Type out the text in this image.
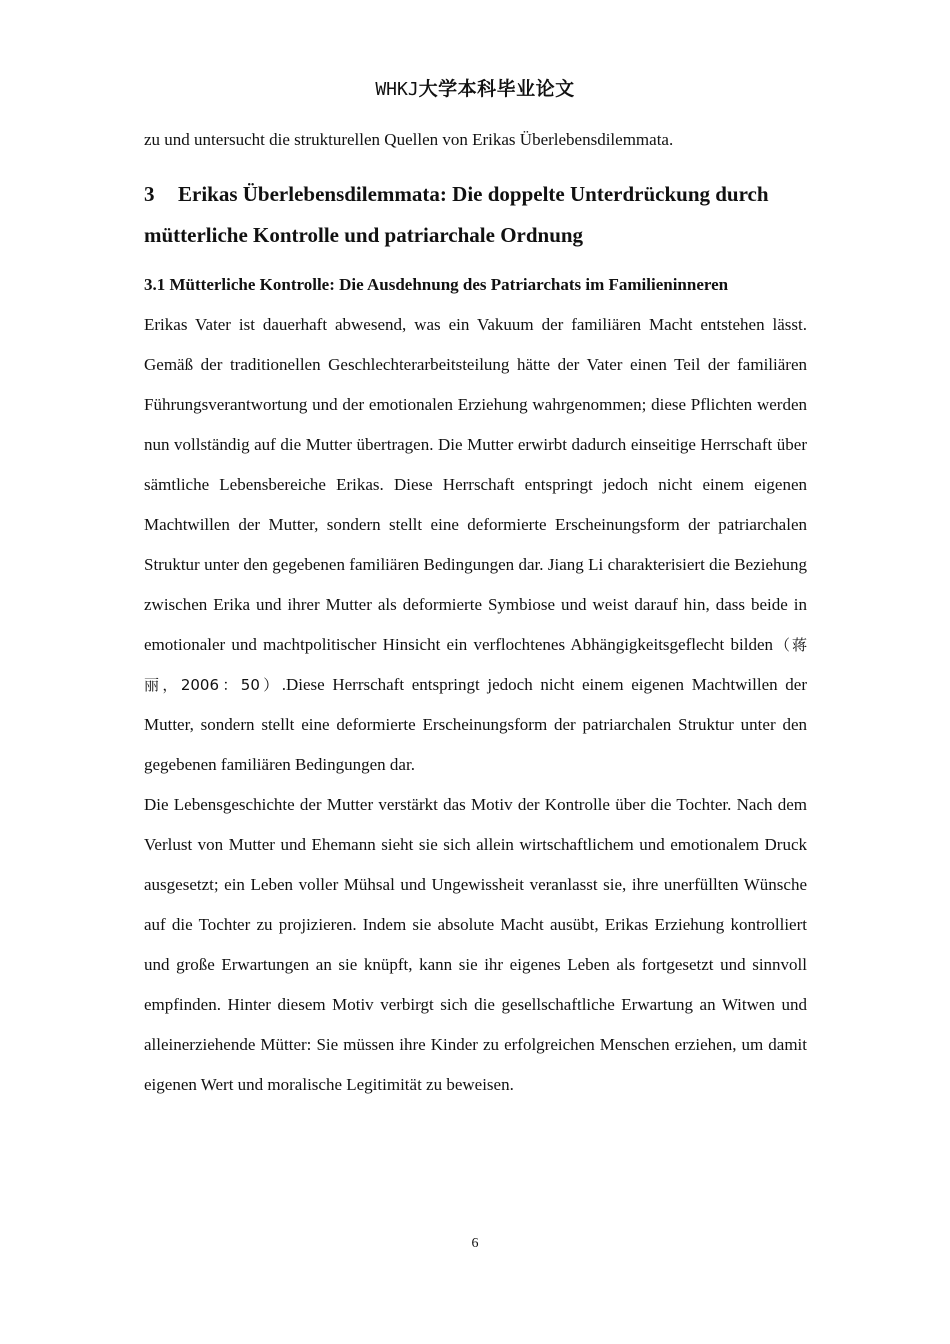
WHKJ大学本科毕业论文

zu und untersucht die strukturellen Quellen von Erikas Überlebensdilemmata.

3 Erikas Überlebensdilemmata: Die doppelte Unterdrückung durch mütterliche Kontrolle und patriarchale Ordnung

3.1 Mütterliche Kontrolle: Die Ausdehnung des Patriarchats im Familieninneren

Erikas Vater ist dauerhaft abwesend, was ein Vakuum der familiären Macht entstehen lässt. Gemäß der traditionellen Geschlechterarbeitsteilung hätte der Vater einen Teil der familiären Führungsverantwortung und der emotionalen Erziehung wahrgenommen; diese Pflichten werden nun vollständig auf die Mutter übertragen. Die Mutter erwirbt dadurch einseitige Herrschaft über sämtliche Lebensbereiche Erikas. Diese Herrschaft entspringt jedoch nicht einem eigenen Machtwillen der Mutter, sondern stellt eine deformierte Erscheinungsform der patriarchalen Struktur unter den gegebenen familiären Bedingungen dar. Jiang Li charakterisiert die Beziehung zwischen Erika und ihrer Mutter als deformierte Symbiose und weist darauf hin, dass beide in emotionaler und machtpolitischer Hinsicht ein verflochtenes Abhängigkeitsgeflecht bilden（蒋丽，2006：50）.Diese Herrschaft entspringt jedoch nicht einem eigenen Machtwillen der Mutter, sondern stellt eine deformierte Erscheinungsform der patriarchalen Struktur unter den gegebenen familiären Bedingungen dar.

Die Lebensgeschichte der Mutter verstärkt das Motiv der Kontrolle über die Tochter. Nach dem Verlust von Mutter und Ehemann sieht sie sich allein wirtschaftlichem und emotionalem Druck ausgesetzt; ein Leben voller Mühsal und Ungewissheit veranlasst sie, ihre unerfüllten Wünsche auf die Tochter zu projizieren. Indem sie absolute Macht ausübt, Erikas Erziehung kontrolliert und große Erwartungen an sie knüpft, kann sie ihr eigenes Leben als fortgesetzt und sinnvoll empfinden. Hinter diesem Motiv verbirgt sich die gesellschaftliche Erwartung an Witwen und alleinerziehende Mütter: Sie müssen ihre Kinder zu erfolgreichen Menschen erziehen, um damit eigenen Wert und moralische Legitimität zu beweisen.

6
